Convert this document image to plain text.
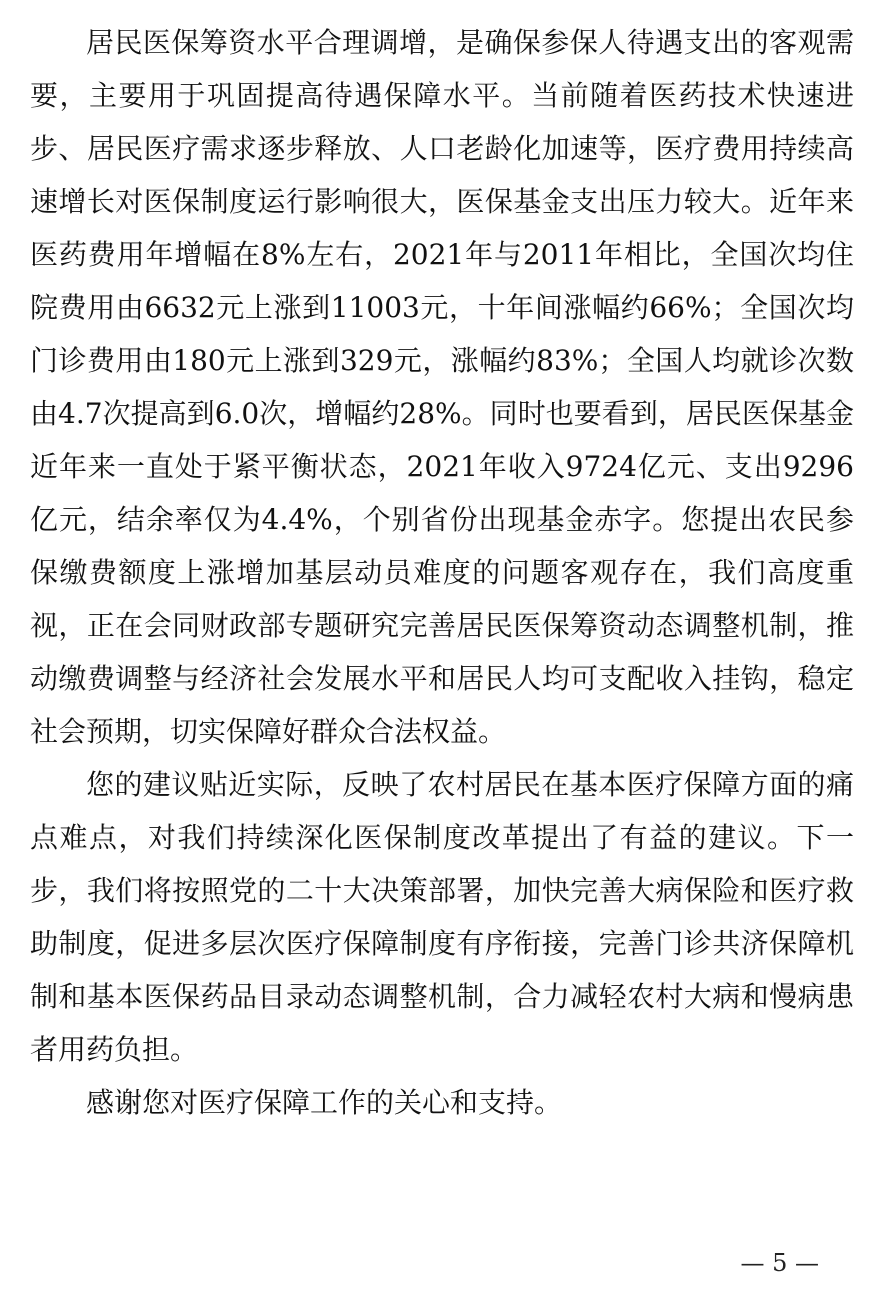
居民医保筹资水平合理调增，是确保参保人待遇支出的客观需要，主要用于巩固提高待遇保障水平。当前随着医药技术快速进步、居民医疗需求逐步释放、人口老龄化加速等，医疗费用持续高速增长对医保制度运行影响很大，医保基金支出压力较大。近年来医药费用年增幅在8%左右，2021年与2011年相比，全国次均住院费用由6632元上涨到11003元，十年间涨幅约66%；全国次均门诊费用由180元上涨到329元，涨幅约83%；全国人均就诊次数由4.7次提高到6.0次，增幅约28%。同时也要看到，居民医保基金近年来一直处于紧平衡状态，2021年收入9724亿元、支出9296亿元，结余率仅为4.4%，个别省份出现基金赤字。您提出农民参保缴费额度上涨增加基层动员难度的问题客观存在，我们高度重视，正在会同财政部专题研究完善居民医保筹资动态调整机制，推动缴费调整与经济社会发展水平和居民人均可支配收入挂钩，稳定社会预期，切实保障好群众合法权益。

您的建议贴近实际，反映了农村居民在基本医疗保障方面的痛点难点，对我们持续深化医保制度改革提出了有益的建议。下一步，我们将按照党的二十大决策部署，加快完善大病保险和医疗救助制度，促进多层次医疗保障制度有序衔接，完善门诊共济保障机制和基本医保药品目录动态调整机制，合力减轻农村大病和慢病患者用药负担。

感谢您对医疗保障工作的关心和支持。

— 5 —
